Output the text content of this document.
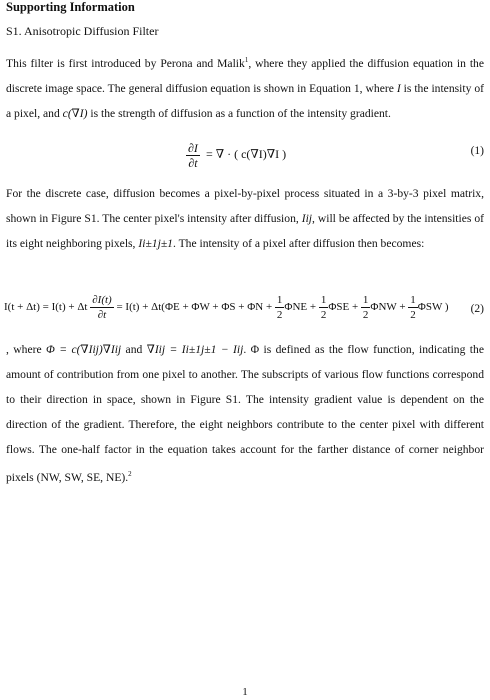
Supporting Information
S1. Anisotropic Diffusion Filter

This filter is first introduced by Perona and Malik$^1$, where they applied the diffusion equation in the discrete image space. The general diffusion equation is shown in Equation 1, where I is the intensity of a pixel, and c(∇I) is the strength of diffusion as a function of the intensity gradient.

$\frac{\partial I}{\partial t}$ = ∇ · ( c(∇I)∇I )	(1)

For the discrete case, diffusion becomes a pixel-by-pixel process situated in a 3-by-3 pixel matrix, shown in Figure S1. The center pixel's intensity after diffusion, Iij, will be affected by the intensities of its eight neighboring pixels, Ii±1j±1. The intensity of a pixel after diffusion then becomes:

I(t + Δt) = I(t) + Δt $\frac{\partial I(t)}{\partial t} = I(t) + \Delta t(\Phi E + \Phi W + \Phi S + \Phi N + \frac{1}{2}$ $\Phi NE + \frac{1}{2}$ $\Phi SE + \frac{1}{2}$ $\Phi NW + \frac{1}{2}$ ΦSW ) (2)

, where Φ = c(∇Iij)∇Iij and ∇Iij = Ii±1j±1 − Iij. Φ is defined as the flow function, indicating the amount of contribution from one pixel to another. The subscripts of various flow functions correspond to their direction in space, shown in Figure S1. The intensity gradient value is dependent on the direction of the gradient. Therefore, the eight neighbors contribute to the center pixel with different flows. The one-half factor in the equation takes account for the farther distance of corner neighbor pixels (NW, SW, SE, NE).$^2$

1
